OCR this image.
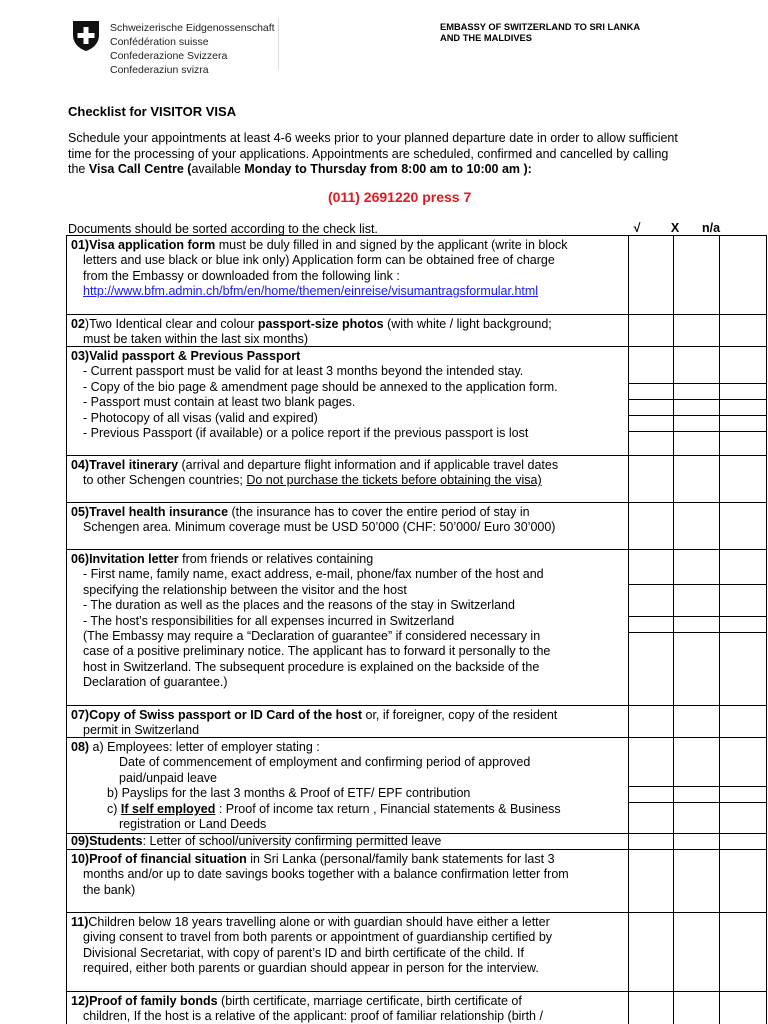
Schweizerische Eidgenossenschaft
Confédération suisse
Confederazione Svizzera
Confederaziun svizra
EMBASSY OF SWITZERLAND TO SRI LANKA
AND THE MALDIVES
Checklist for VISITOR VISA

Schedule your appointments at least 4-6 weeks prior to your planned departure date in order to allow sufficient

time for the processing of your applications. Appointments are scheduled, confirmed and cancelled by calling

the Visa Call Centre (available Monday to Thursday from 8:00 am to 10:00 am ):

(011) 2691220 press 7
Documents should be sorted according to the check list.	√	X	n/a
01)Visa application form must be duly filled in and signed by the applicant (write in block
letters and use black or blue ink only) Application form can be obtained free of charge
from the Embassy or downloaded from the following link :
http://www.bfm.admin.ch/bfm/en/home/themen/einreise/visumantragsformular.html
02)Two Identical clear and colour passport-size photos (with white / light background;
must be taken within the last six months)
03)Valid passport & Previous Passport
- Current passport must be valid for at least 3 months beyond the intended stay.
- Copy of the bio page & amendment page should be annexed to the application form.
- Passport must contain at least two blank pages.
- Photocopy of all visas (valid and expired)
- Previous Passport (if available) or a police report if the previous passport is lost
04)Travel itinerary (arrival and departure flight information and if applicable travel dates
to other Schengen countries; Do not purchase the tickets before obtaining the visa)
05)Travel health insurance (the insurance has to cover the entire period of stay in
Schengen area. Minimum coverage must be USD 50’000 (CHF: 50’000/ Euro 30’000)
06)Invitation letter from friends or relatives containing
- First name, family name, exact address, e-mail, phone/fax number of the host and
specifying the relationship between the visitor and the host
- The duration as well as the places and the reasons of the stay in Switzerland
- The host’s responsibilities for all expenses incurred in Switzerland
(The Embassy may require a “Declaration of guarantee” if considered necessary in
case of a positive preliminary notice. The applicant has to forward it personally to the
host in Switzerland. The subsequent procedure is explained on the backside of the
Declaration of guarantee.)
07)Copy of Swiss passport or ID Card of the host or, if foreigner, copy of the resident
permit in Switzerland
08) a) Employees: letter of employer stating :
Date of commencement of employment and confirming period of approved
paid/unpaid leave
b) Payslips for the last 3 months & Proof of ETF/ EPF contribution
c) If self employed : Proof of income tax return , Financial statements & Business
registration or Land Deeds
09)Students: Letter of school/university confirming permitted leave
10)Proof of financial situation in Sri Lanka (personal/family bank statements for last 3
months and/or up to date savings books together with a balance confirmation letter from
the bank)
11)Children below 18 years travelling alone or with guardian should have either a letter
giving consent to travel from both parents or appointment of guardianship certified by
Divisional Secretariat, with copy of parent’s ID and birth certificate of the child. If
required, either both parents or guardian should appear in person for the interview.
12)Proof of family bonds (birth certificate, marriage certificate, birth certificate of
children, If the host is a relative of the applicant: proof of familiar relationship (birth /
